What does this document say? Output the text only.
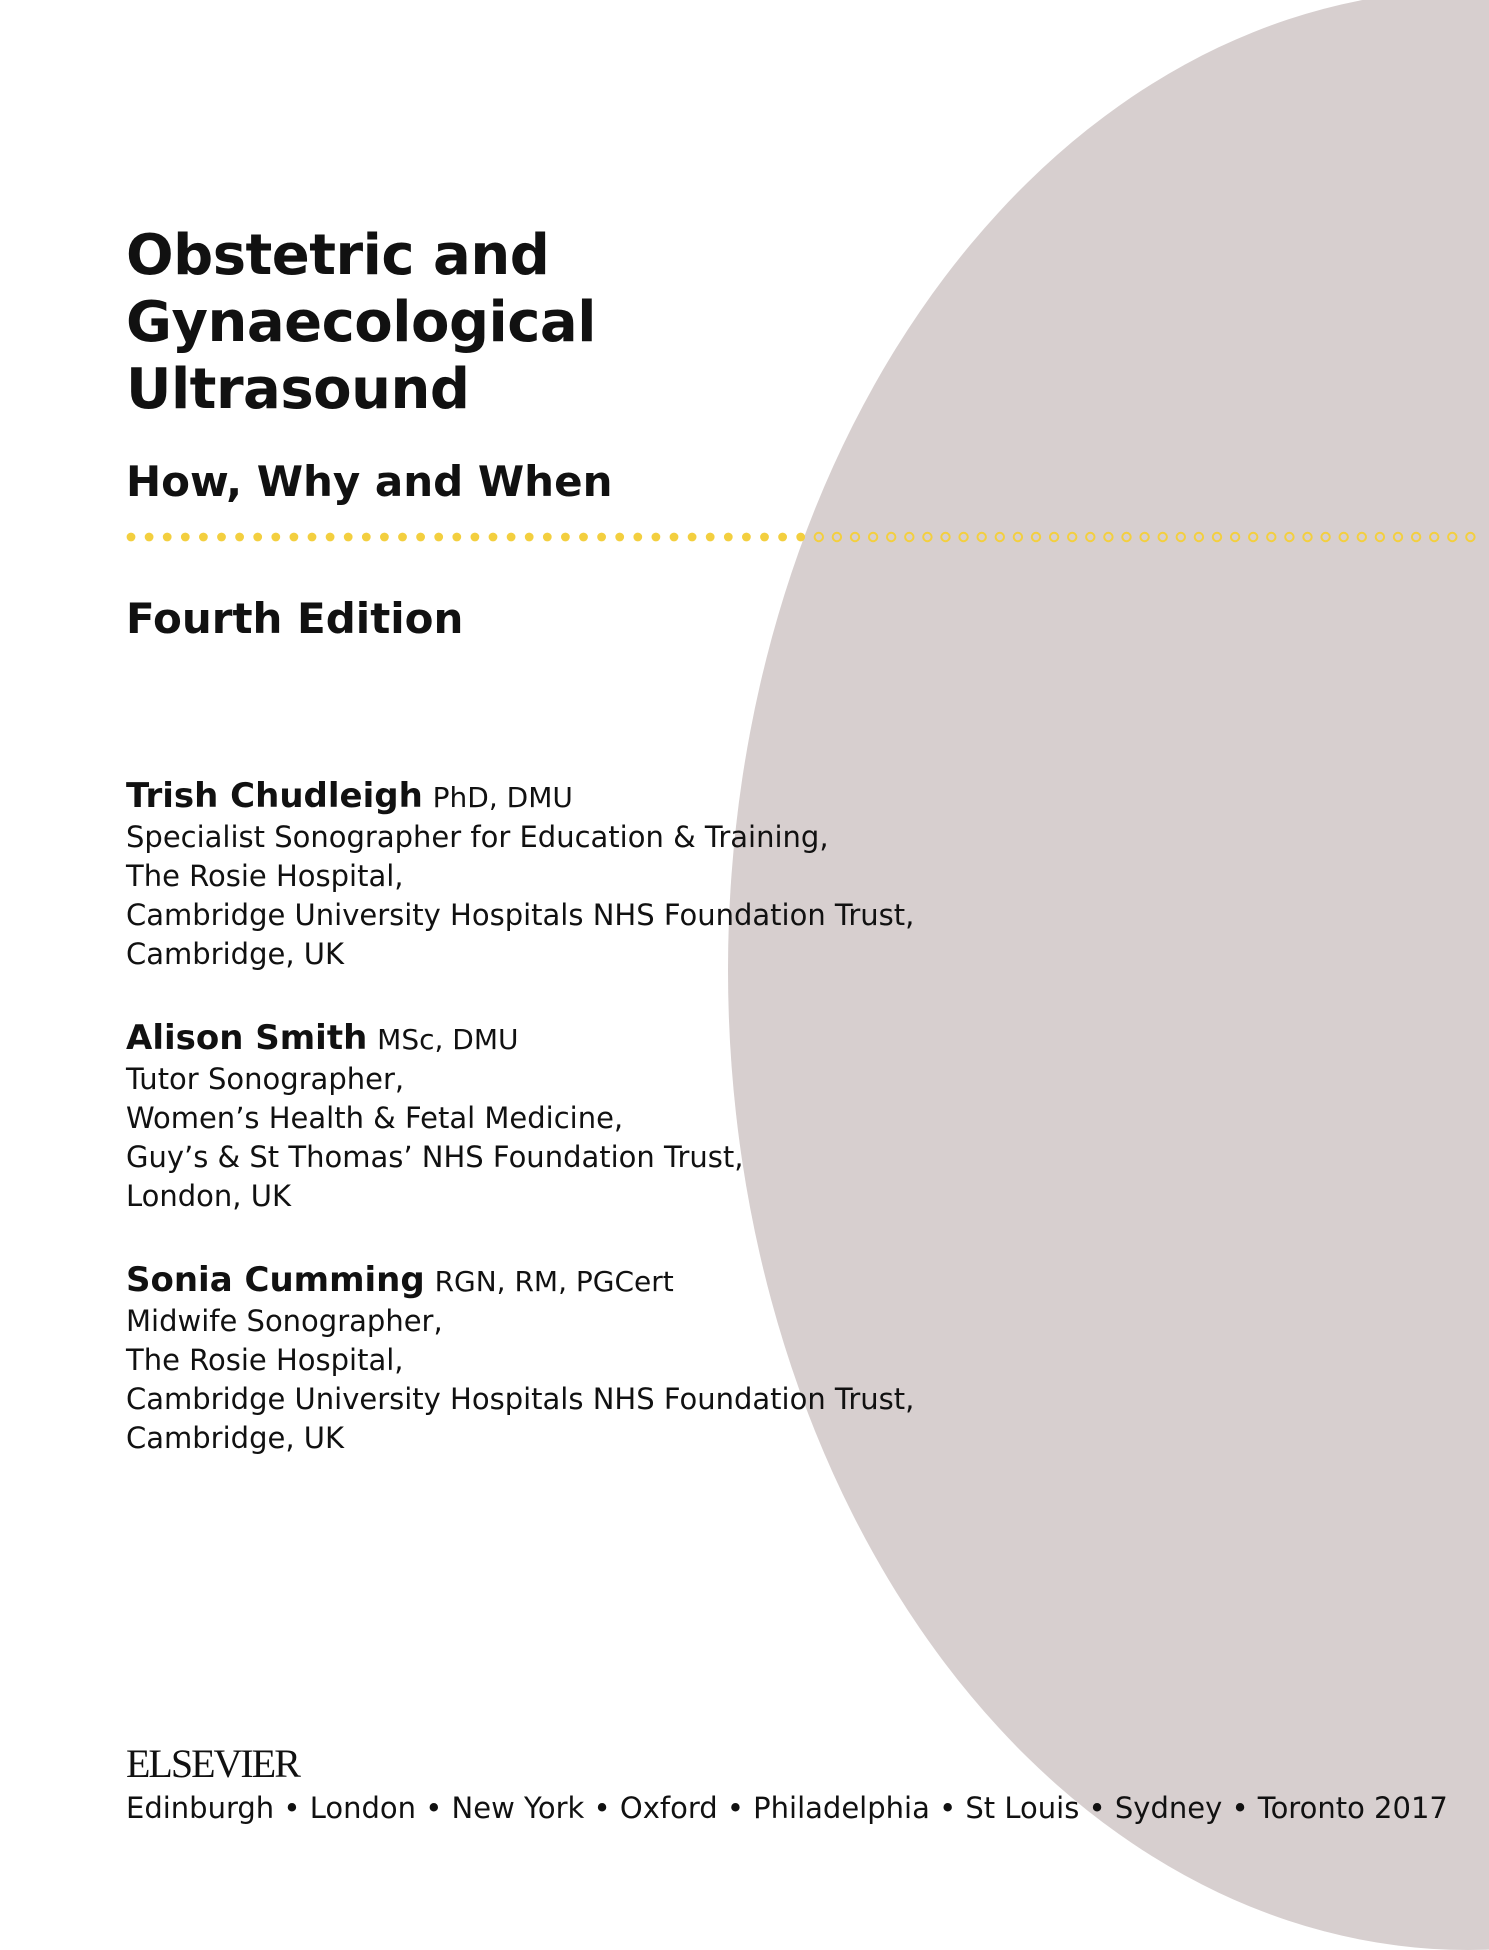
Obstetric and
Gynaecological
Ultrasound
How, Why and When
Fourth Edition
Trish Chudleigh PhD, DMU
Specialist Sonographer for Education & Training,
The Rosie Hospital,
Cambridge University Hospitals NHS Foundation Trust,
Cambridge, UK
Alison Smith MSc, DMU
Tutor Sonographer,
Women’s Health & Fetal Medicine,
Guy’s & St Thomas’ NHS Foundation Trust,
London, UK
Sonia Cumming RGN, RM, PGCert
Midwife Sonographer,
The Rosie Hospital,
Cambridge University Hospitals NHS Foundation Trust,
Cambridge, UK
ELSEVIER

Edinburgh • London • New York • Oxford • Philadelphia • St Louis • Sydney • Toronto 2017
